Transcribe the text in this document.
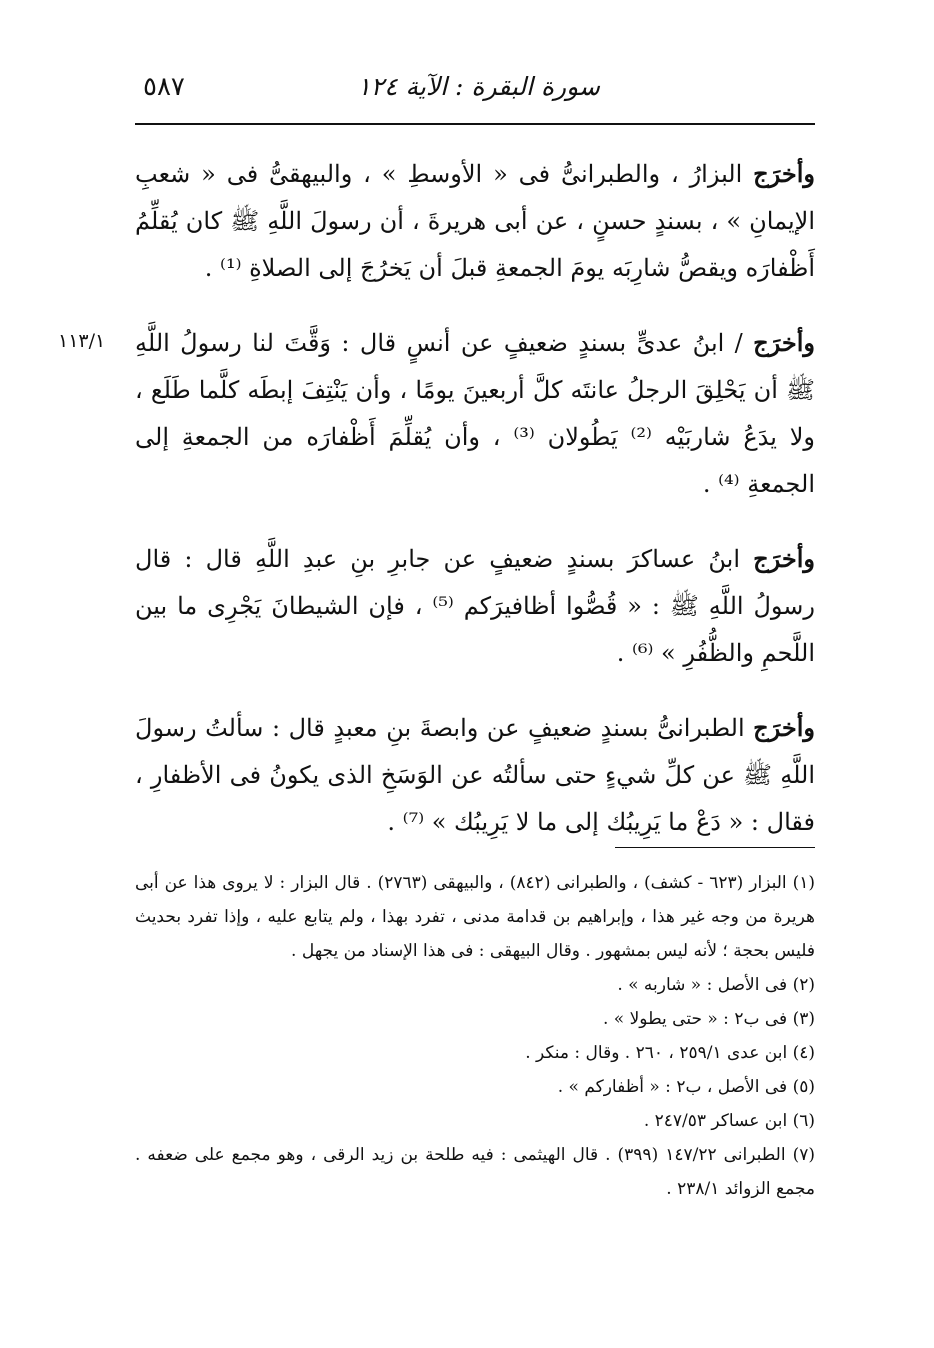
سورة البقرة : الآية ١٢٤
٥٨٧
١١٣/١

وأخرَج البزارُ ، والطبرانىُّ فى « الأوسطِ » ، والبيهقىُّ فى « شعبِ الإيمانِ » ، بسندٍ حسنٍ ، عن أبى هريرةَ ، أن رسولَ اللَّهِ ﷺ كان يُقلِّمُ أَظْفارَه ويقصُّ شارِبَه يومَ الجمعةِ قبلَ أن يَخرُجَ إلى الصلاةِ ⁽¹⁾ .

وأخرَج / ابنُ عدىٍّ بسندٍ ضعيفٍ عن أنسٍ قال : وَقَّتَ لنا رسولُ اللَّهِ ﷺ أن يَحْلِقَ الرجلُ عانتَه كلَّ أربعينَ يومًا ، وأن يَنْتِفَ إبطَه كلَّما طَلَع ، ولا يدَعُ شاربَيْه ⁽²⁾ يَطُولان ⁽³⁾ ، وأن يُقلِّمَ أَظْفارَه من الجمعةِ إلى الجمعةِ ⁽⁴⁾ .

وأخرَج ابنُ عساكرَ بسندٍ ضعيفٍ عن جابرِ بنِ عبدِ اللَّهِ قال : قال رسولُ اللَّهِ ﷺ : « قُصُّوا أظافيرَكم ⁽⁵⁾ ، فإن الشيطانَ يَجْرِى ما بين اللَّحمِ والظُّفُرِ » ⁽⁶⁾ .

وأخرَج الطبرانىُّ بسندٍ ضعيفٍ عن وابصةَ بنِ معبدٍ قال : سألتُ رسولَ اللَّهِ ﷺ عن كلِّ شيءٍ حتى سألتُه عن الوَسَخِ الذى يكونُ فى الأظفارِ ، فقال : « دَعْ ما يَرِيبُك إلى ما لا يَرِيبُك » ⁽⁷⁾ .

(١) البزار (٦٢٣ - كشف) ، والطبرانى (٨٤٢) ، والبيهقى (٢٧٦٣) . قال البزار : لا يروى هذا عن أبى هريرة من وجه غير هذا ، وإبراهيم بن قدامة مدنى ، تفرد بهذا ، ولم يتابع عليه ، وإذا تفرد بحديث فليس بحجة ؛ لأنه ليس بمشهور . وقال البيهقى : فى هذا الإسناد من يجهل .

(٢) فى الأصل : « شاربه » .

(٣) فى ب٢ : « حتى يطولا » .

(٤) ابن عدى ٢٥٩/١ ، ٢٦٠ . وقال : منكر .

(٥) فى الأصل ، ب٢ : « أظفاركم » .

(٦) ابن عساكر ٢٤٧/٥٣ .

(٧) الطبرانى ١٤٧/٢٢ (٣٩٩) . قال الهيثمى : فيه طلحة بن زيد الرقى ، وهو مجمع على ضعفه . مجمع الزوائد ٢٣٨/١ .
